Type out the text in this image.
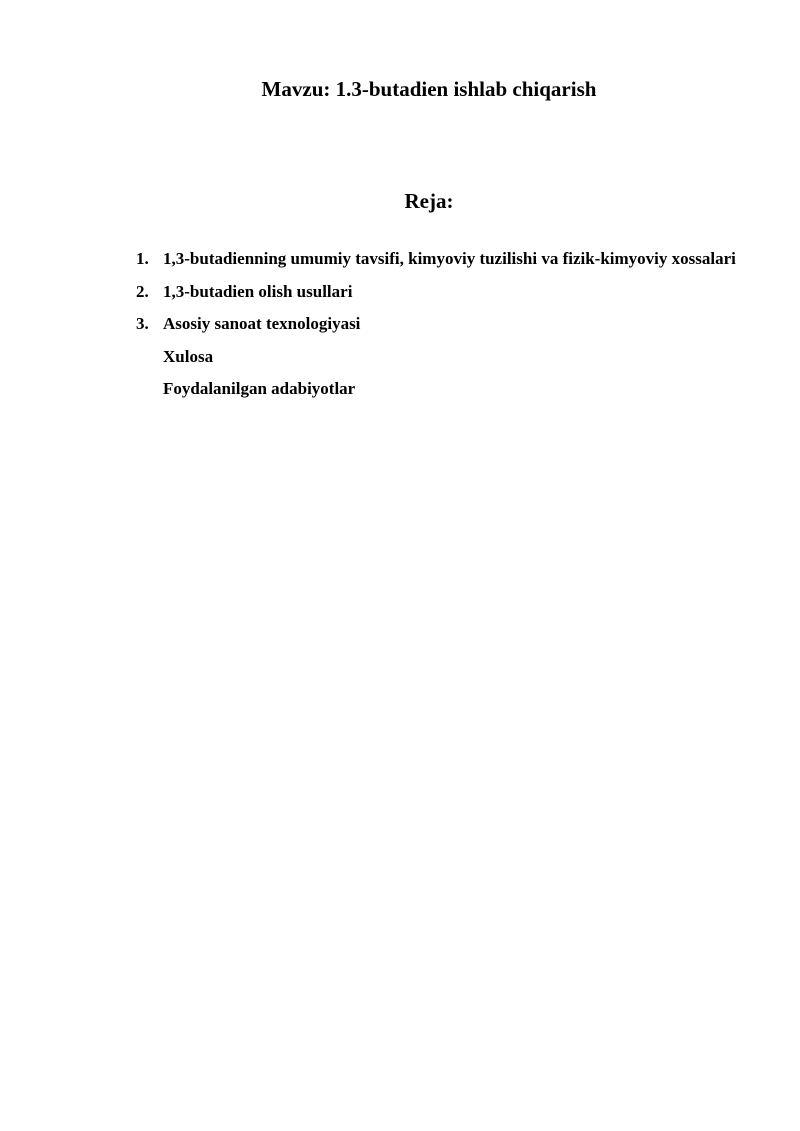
Mavzu: 1.3-butadien ishlab chiqarish
Reja:
1. 1,3-butadienning umumiy tavsifi, kimyoviy tuzilishi va fizik-kimyoviy xossalari
2. 1,3-butadien olish usullari
3. Asosiy sanoat texnologiyasi
Xulosa
Foydalanilgan adabiyotlar
